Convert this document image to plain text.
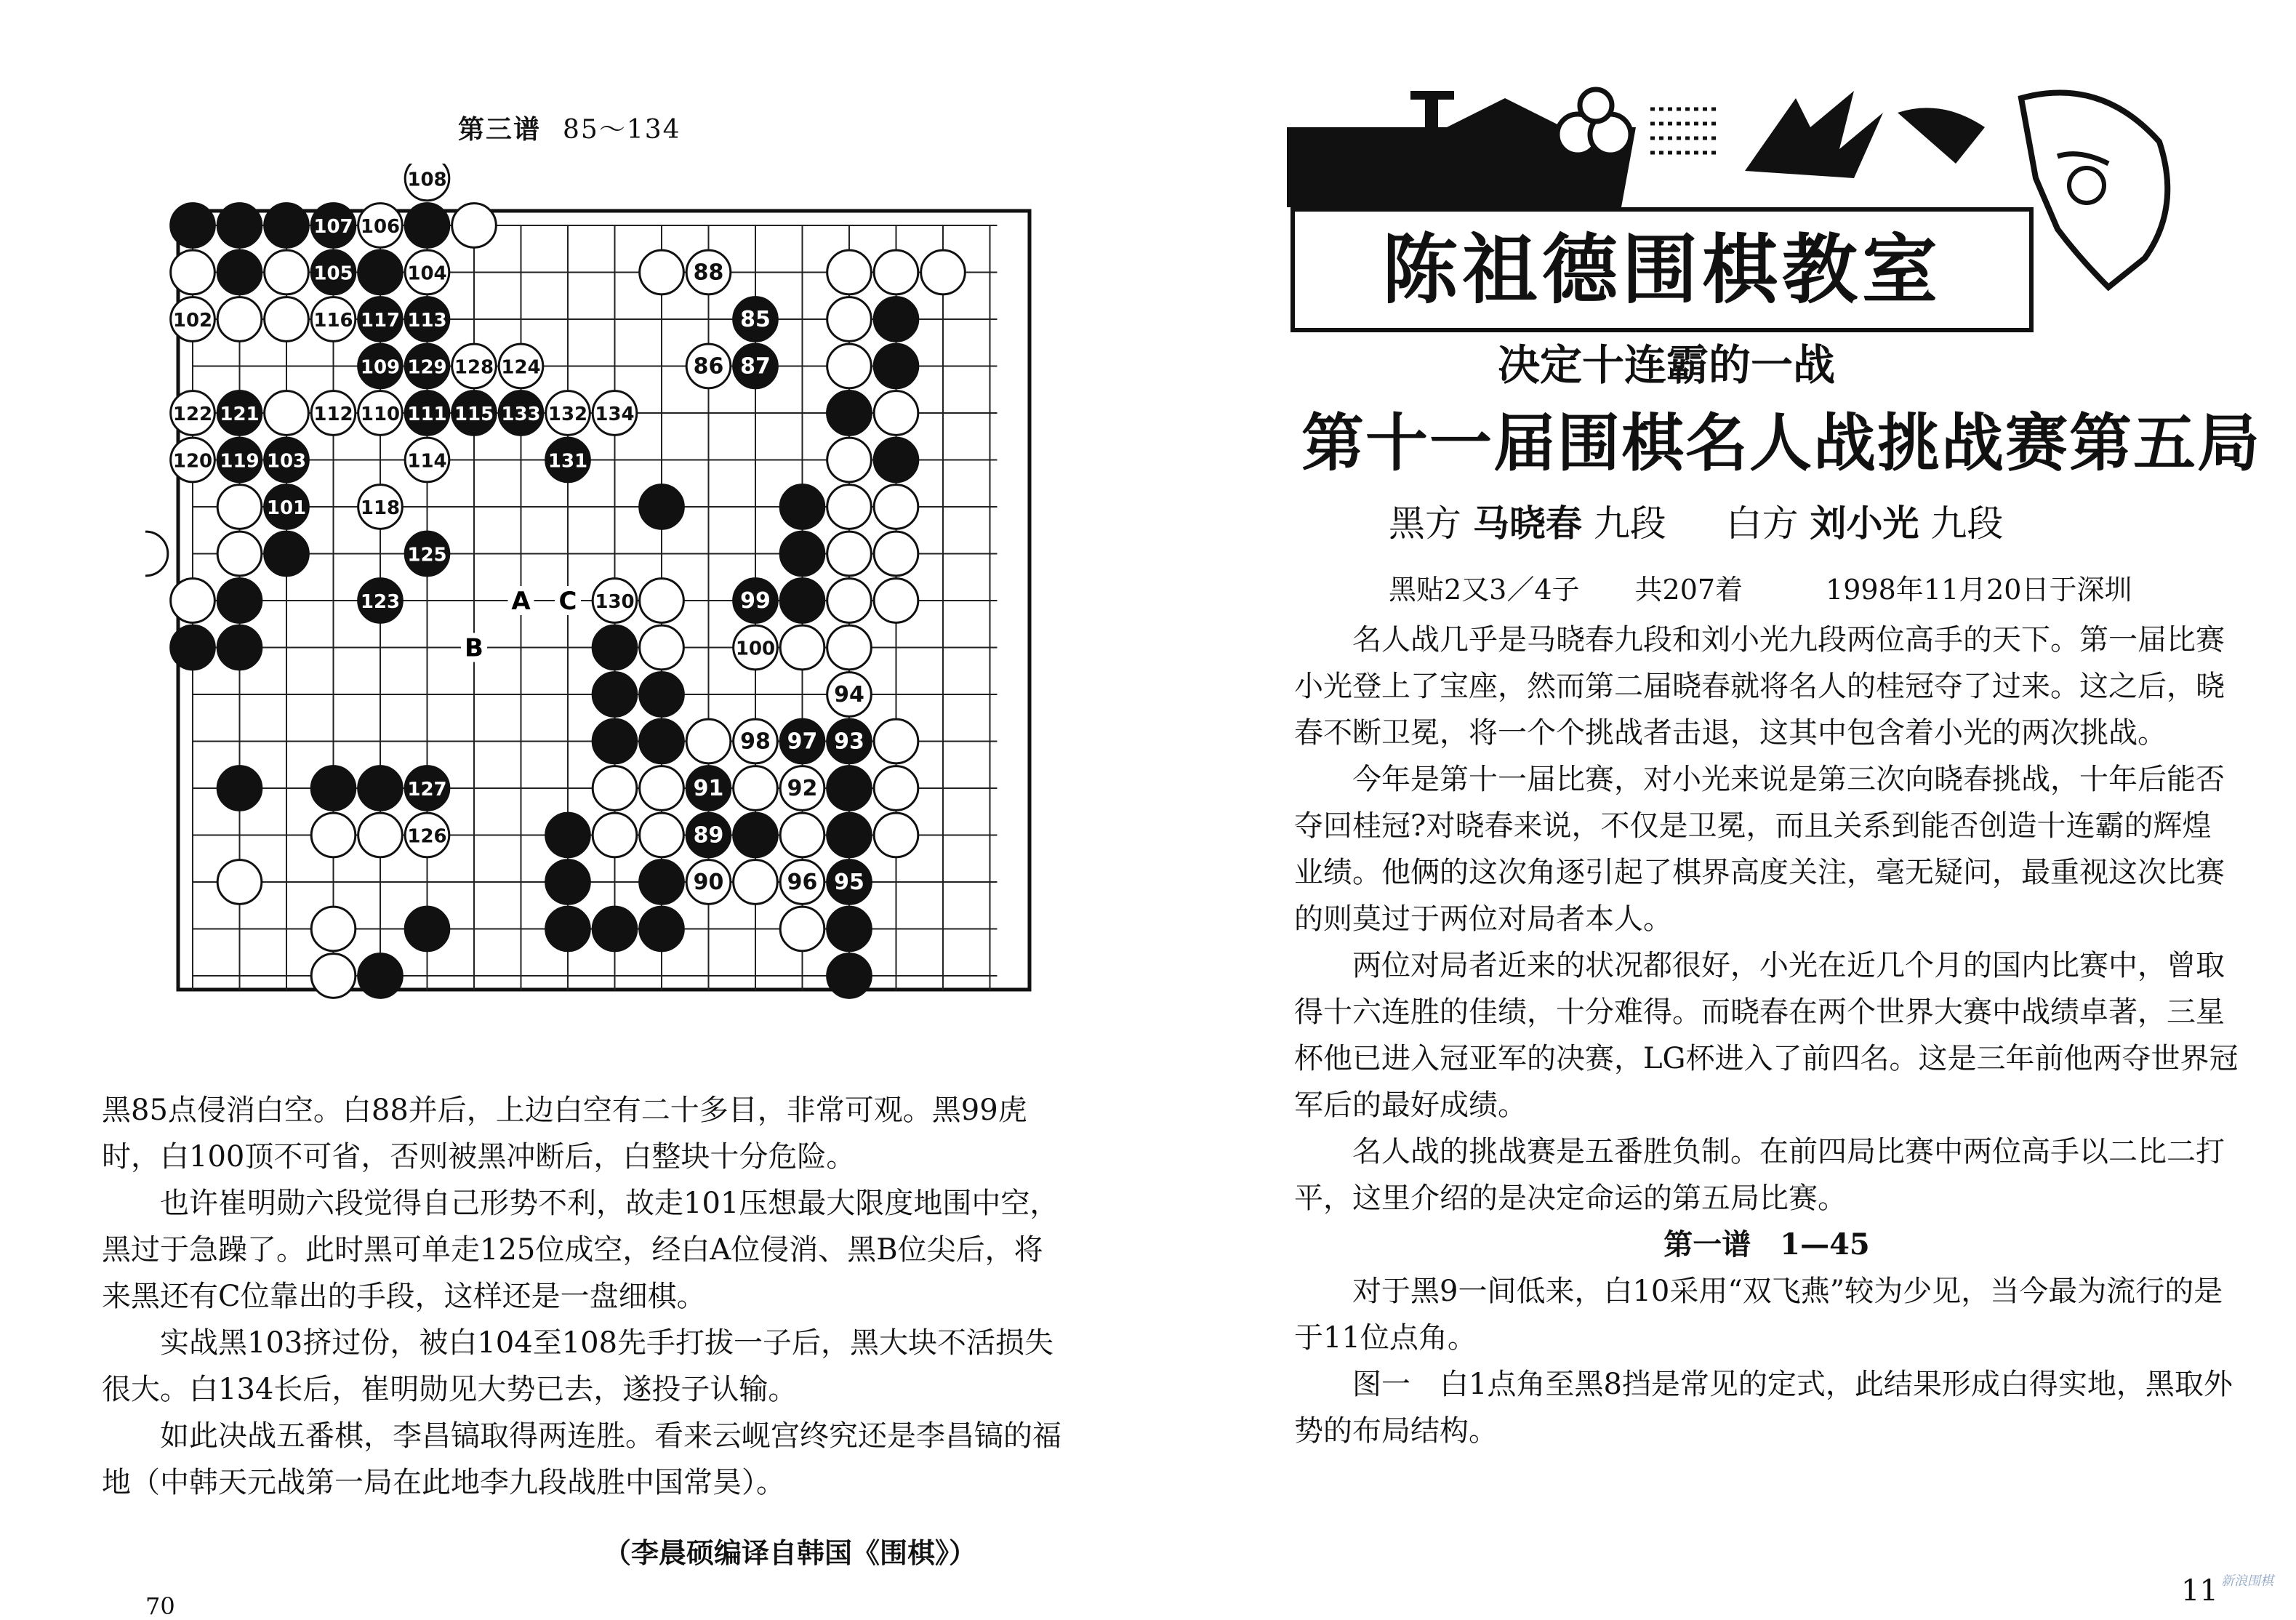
第三谱 85～134
A C
B
107 106
108
105	104
102	116 117 113
109 129 128 124
122 121	112 110 111 115 133 132 134
120 119 103	114	131
101	118
125
123
127
126
88
85
86 87
130	99
100
94
98 97 93
91	92
89
90	96 95

黑85点侵消白空。白88并后，上边白空有二十多目，非常可观。黑99虎时，白100顶不可省，否则被黑冲断后，白整块十分危险。

也许崔明勋六段觉得自己形势不利，故走101压想最大限度地围中空，黑过于急躁了。此时黑可单走125位成空，经白A位侵消、黑B位尖后，将来黑还有C位靠出的手段，这样还是一盘细棋。

实战黑103挤过份，被白104至108先手打拔一子后，黑大块不活损失很大。白134长后，崔明勋见大势已去，遂投子认输。

如此决战五番棋，李昌镐取得两连胜。看来云岘宫终究还是李昌镐的福地（中韩天元战第一局在此地李九段战胜中国常昊）。

（李晨硕编译自韩国《围棋》）
70
陈祖德围棋教室
决定十连霸的一战
第十一届围棋名人战挑战赛第五局
黑方 马晓春 九段 　 白方 刘小光 九段
黑贴2又3／4子　　共207着　　　1998年11月20日于深圳

名人战几乎是马晓春九段和刘小光九段两位高手的天下。第一届比赛小光登上了宝座，然而第二届晓春就将名人的桂冠夺了过来。这之后，晓春不断卫冕，将一个个挑战者击退，这其中包含着小光的两次挑战。

今年是第十一届比赛，对小光来说是第三次向晓春挑战，十年后能否夺回桂冠?对晓春来说，不仅是卫冕，而且关系到能否创造十连霸的辉煌业绩。他俩的这次角逐引起了棋界高度关注，毫无疑问，最重视这次比赛的则莫过于两位对局者本人。

两位对局者近来的状况都很好，小光在近几个月的国内比赛中，曾取得十六连胜的佳绩，十分难得。而晓春在两个世界大赛中战绩卓著，三星杯他已进入冠亚军的决赛，LG杯进入了前四名。这是三年前他两夺世界冠军后的最好成绩。

名人战的挑战赛是五番胜负制。在前四局比赛中两位高手以二比二打平，这里介绍的是决定命运的第五局比赛。

第一谱　1—45

对于黑9一间低来，白10采用“双飞燕”较为少见，当今最为流行的是于11位点角。

图一　白1点角至黑8挡是常见的定式，此结果形成白得实地，黑取外势的布局结构。

11 新浪围棋
